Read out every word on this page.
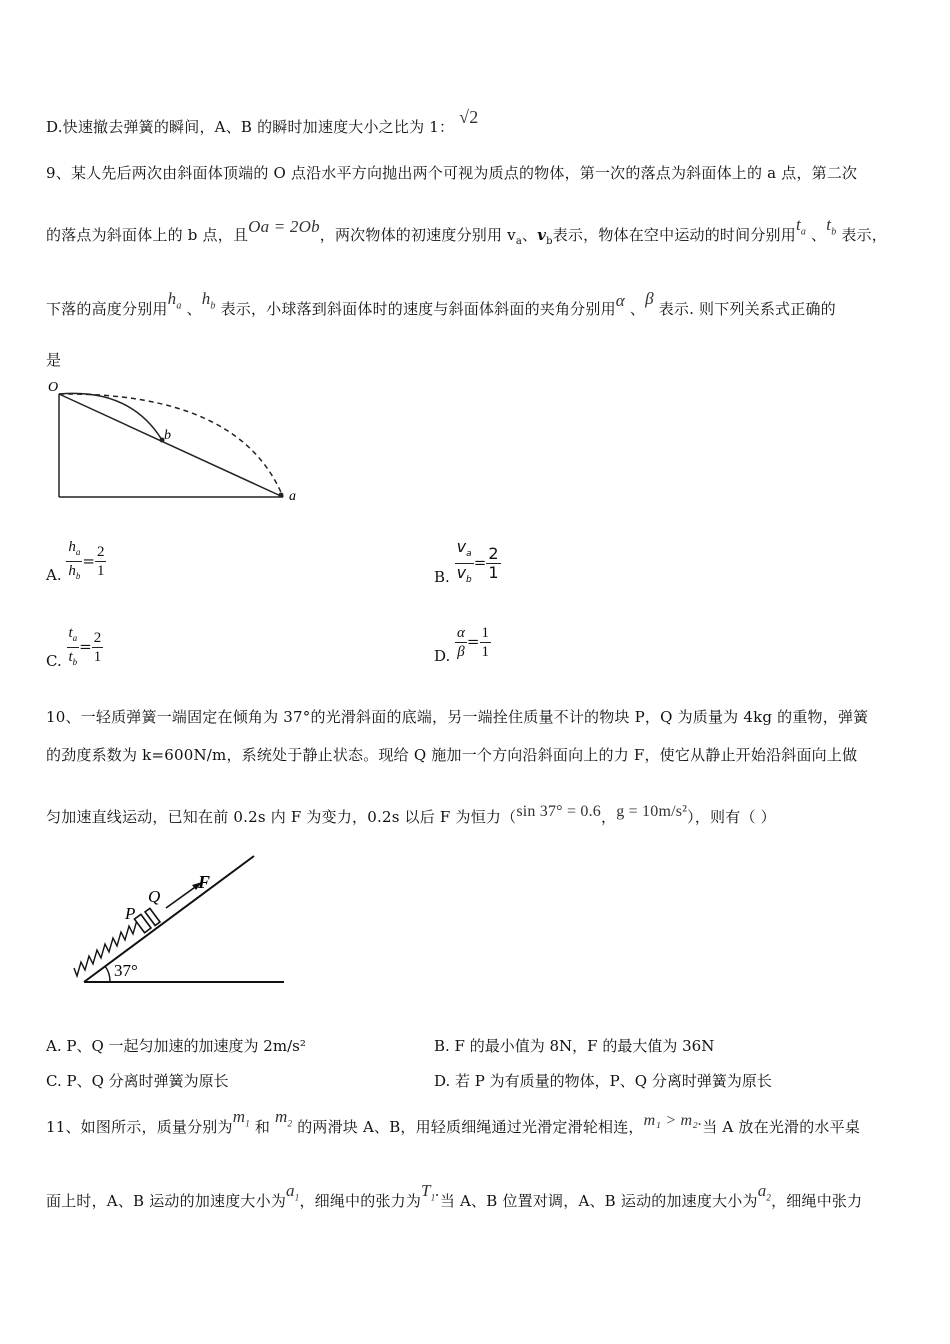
D.快速撤去弹簧的瞬间，A、B 的瞬时加速度大小之比为 1： √2
9、某人先后两次由斜面体顶端的 O 点沿水平方向抛出两个可视为质点的物体，第一次的落点为斜面体上的 a 点，第二次
的落点为斜面体上的 b 点，且Oa = 2Ob，两次物体的初速度分别用 $v_a$、$v_b$表示，物体在空中运动的时间分别用$t_a$ 、$t_b$ 表示，
下落的高度分别用$h_a$ 、$h_b$ 表示，小球落到斜面体时的速度与斜面体斜面的夹角分别用α 、β 表示. 则下列关系式正确的
是
O
b
a
A. $\frac{h_a}{h_b} = \frac{2}{1}$	B. $\frac{v_a}{v_b} = \frac{2}{1}$
C. $\frac{t_a}{t_b} = \frac{2}{1}$	D. $\frac{\alpha}{\beta} = \frac{1}{1}$
10、一轻质弹簧一端固定在倾角为 37°的光滑斜面的底端，另一端拴住质量不计的物块 P，Q 为质量为 4kg 的重物，弹簧
的劲度系数为 k=600N/m，系统处于静止状态。现给 Q 施加一个方向沿斜面向上的力 F，使它从静止开始沿斜面向上做
匀加速直线运动，已知在前 0.2s 内 F 为变力，0.2s 以后 F 为恒力（sin 37° = 0.6，g = 10m/s²），则有（ ）
37°
P
Q
F
A. P、Q 一起匀加速的加速度为 2m/s²	B. F 的最小值为 8N，F 的最大值为 36N
C. P、Q 分离时弹簧为原长	D. 若 P 为有质量的物体，P、Q 分离时弹簧为原长
11、如图所示，质量分别为$m_1$ 和 $m_2$ 的两滑块 A、B，用轻质细绳通过光滑定滑轮相连，m₁ > m₂.当 A 放在光滑的水平桌
面上时，A、B 运动的加速度大小为$a_1$，细绳中的张力为$T_1$.当 A、B 位置对调，A、B 运动的加速度大小为$a_2$，细绳中张力
